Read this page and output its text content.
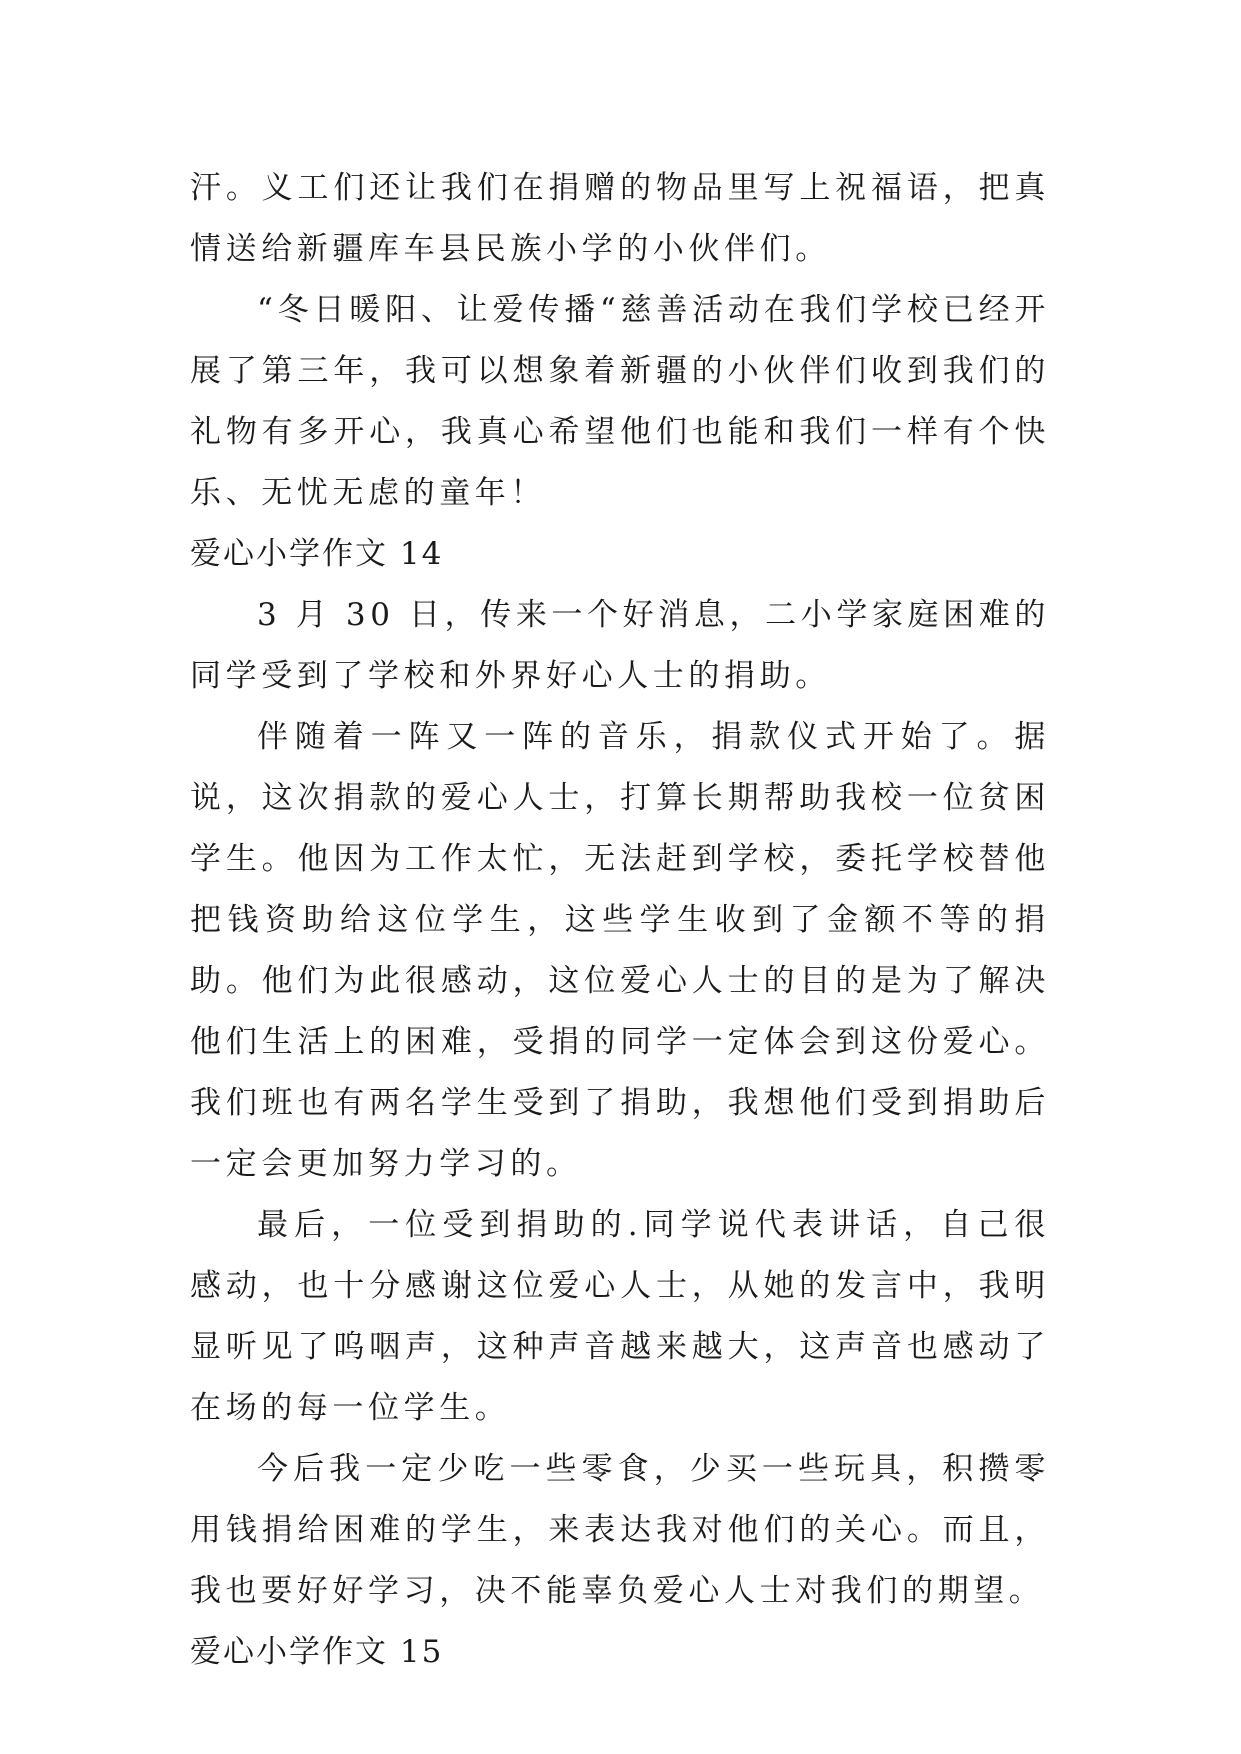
汗。义工们还让我们在捐赠的物品里写上祝福语，把真情送给新疆库车县民族小学的小伙伴们。

“冬日暖阳、让爱传播“慈善活动在我们学校已经开展了第三年，我可以想象着新疆的小伙伴们收到我们的礼物有多开心，我真心希望他们也能和我们一样有个快乐、无忧无虑的童年！

爱心小学作文 14

3 月 30 日，传来一个好消息，二小学家庭困难的同学受到了学校和外界好心人士的捐助。

伴随着一阵又一阵的音乐，捐款仪式开始了。据说，这次捐款的爱心人士，打算长期帮助我校一位贫困学生。他因为工作太忙，无法赶到学校，委托学校替他把钱资助给这位学生，这些学生收到了金额不等的捐助。他们为此很感动，这位爱心人士的目的是为了解决他们生活上的困难，受捐的同学一定体会到这份爱心。我们班也有两名学生受到了捐助，我想他们受到捐助后一定会更加努力学习的。

最后，一位受到捐助的.同学说代表讲话，自己很感动，也十分感谢这位爱心人士，从她的发言中，我明显听见了呜咽声，这种声音越来越大，这声音也感动了在场的每一位学生。

今后我一定少吃一些零食，少买一些玩具，积攒零用钱捐给困难的学生，来表达我对他们的关心。而且，我也要好好学习，决不能辜负爱心人士对我们的期望。

爱心小学作文 15
